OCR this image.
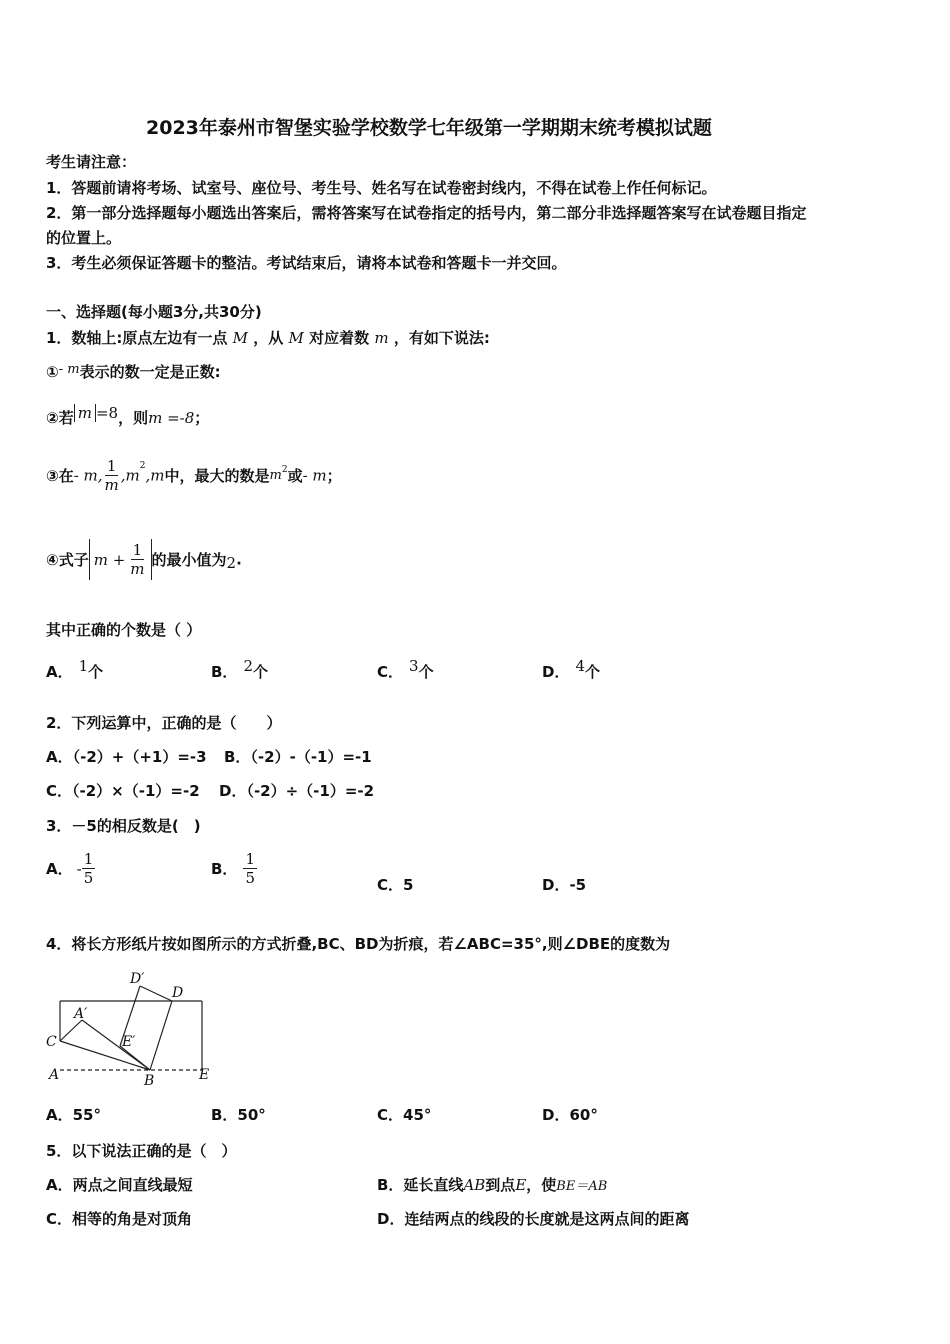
2023年泰州市智堡实验学校数学七年级第一学期期末统考模拟试题
考生请注意：
1．答题前请将考场、试室号、座位号、考生号、姓名写在试卷密封线内，不得在试卷上作任何标记。
2．第一部分选择题每小题选出答案后，需将答案写在试卷指定的括号内，第二部分非选择题答案写在试卷题目指定
的位置上。
3．考生必须保证答题卡的整洁。考试结束后，请将本试卷和答题卡一并交回。
一、选择题(每小题3分,共30分)
1．数轴上:原点左边有一点 M ，从 M 对应着数 m ，有如下说法:
①- m表示的数一定是正数:
②若 m =8，则m =-8；
③在- m, $\frac{1}{m} ,m^2,m$中，最大的数是$m^2$或- m；
④式子 $m + \frac{1}{m}$ 的最小值为2.
其中正确的个数是（ ）
A． 1个	B． 2个	C． 3个	D． 4个
2．下列运算中，正确的是（　　）
A．（-2）+（+1）=-3 B．（-2）-（-1）=-1
C．（-2）×（-1）=-2 D．（-2）÷（-1）=-2
3．－5的相反数是(　)
A． - $\frac{1}{5}$	B． $\frac{1}{5}$	C．5	D．-5
4．将长方形纸片按如图所示的方式折叠,BC、BD为折痕，若∠ABC=35°,则∠DBE的度数为
D′
D
A′
C	E′
A	B	E
A．55°	B．50°	C．45°	D．60°
5．以下说法正确的是（　）
A．两点之间直线最短	B．延长直线AB到点E，使BE＝AB
C．相等的角是对顶角	D．连结两点的线段的长度就是这两点间的距离
